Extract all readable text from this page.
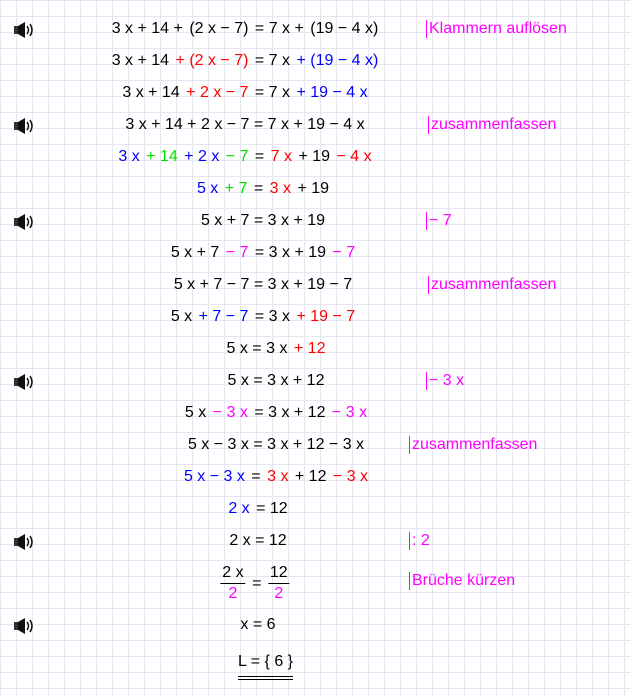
3 x + 14 + (2 x − 7) = 7 x + (19 − 4 x)	Klammern auflösen
3 x + 14 + (2 x − 7) = 7 x + (19 − 4 x)
3 x + 14 + 2 x − 7 = 7 x + 19 − 4 x
3 x + 14 + 2 x − 7 = 7 x + 19 − 4 x	zusammenfassen
3 x + 14 + 2 x − 7 = 7 x + 19 − 4 x
5 x + 7 = 3 x + 19
5 x + 7 = 3 x + 19	− 7
5 x + 7 − 7 = 3 x + 19 − 7
5 x + 7 − 7 = 3 x + 19 − 7	zusammenfassen
5 x + 7 − 7 = 3 x + 19 − 7
5 x = 3 x + 12
5 x = 3 x + 12	− 3 x
5 x − 3 x = 3 x + 12 − 3 x
5 x − 3 x = 3 x + 12 − 3 x	zusammenfassen
5 x − 3 x = 3 x + 12 − 3 x
2 x = 12
2 x = 12	: 2
$\frac{2 x}{2} = \frac{12}{2}$	Brüche kürzen
x = 6
L = { 6 }
